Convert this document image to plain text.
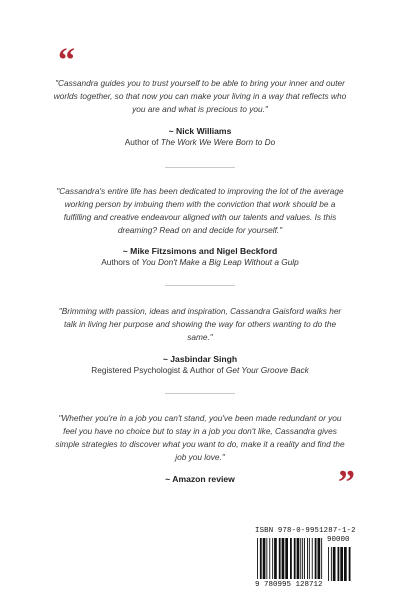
“

"Cassandra guides you to trust yourself to be able to bring your inner and outer worlds together, so that now you can make your living in a way that reflects who you are and what is precious to you."

~ Nick Williams

Author of The Work We Were Born to Do

"Cassandra's entire life has been dedicated to improving the lot of the average working person by imbuing them with the conviction that work should be a fulfilling and creative endeavour aligned with our talents and values. Is this dreaming? Read on and decide for yourself."

~ Mike Fitzsimons and Nigel Beckford

Authors of You Don't Make a Big Leap Without a Gulp

"Brimming with passion, ideas and inspiration, Cassandra Gaisford walks her talk in living her purpose and showing the way for others wanting to do the same."

~ Jasbindar Singh

Registered Psychologist & Author of Get Your Groove Back

"Whether you're in a job you can't stand, you've been made redundant or you feel you have no choice but to stay in a job you don't like, Cassandra gives simple strategies to discover what you want to do, make it a reality and find the job you love."

~ Amazon review	”
ISBN 978-0-9951287-1-2
90000
9 780995 128712
